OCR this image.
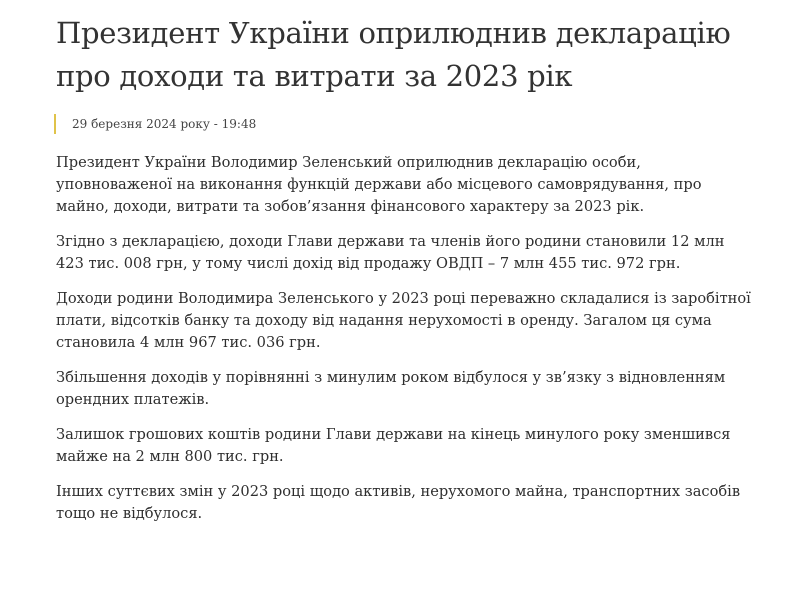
Президент України оприлюднив декларацію про доходи та витрати за 2023 рік
29 березня 2024 року - 19:48

Президент України Володимир Зеленський оприлюднив декларацію особи, уповноваженої на виконання функцій держави або місцевого самоврядування, про майно, доходи, витрати та зобов’язання фінансового характеру за 2023 рік.

Згідно з декларацією, доходи Глави держави та членів його родини становили 12 млн 423 тис. 008 грн, у тому числі дохід від продажу ОВДП – 7 млн 455 тис. 972 грн.

Доходи родини Володимира Зеленського у 2023 році переважно складалися із заробітної плати, відсотків банку та доходу від надання нерухомості в оренду. Загалом ця сума становила 4 млн 967 тис. 036 грн.

Збільшення доходів у порівнянні з минулим роком відбулося у зв’язку з відновленням орендних платежів.

Залишок грошових коштів родини Глави держави на кінець минулого року зменшився майже на 2 млн 800 тис. грн.

Інших суттєвих змін у 2023 році щодо активів, нерухомого майна, транспортних засобів тощо не відбулося.
